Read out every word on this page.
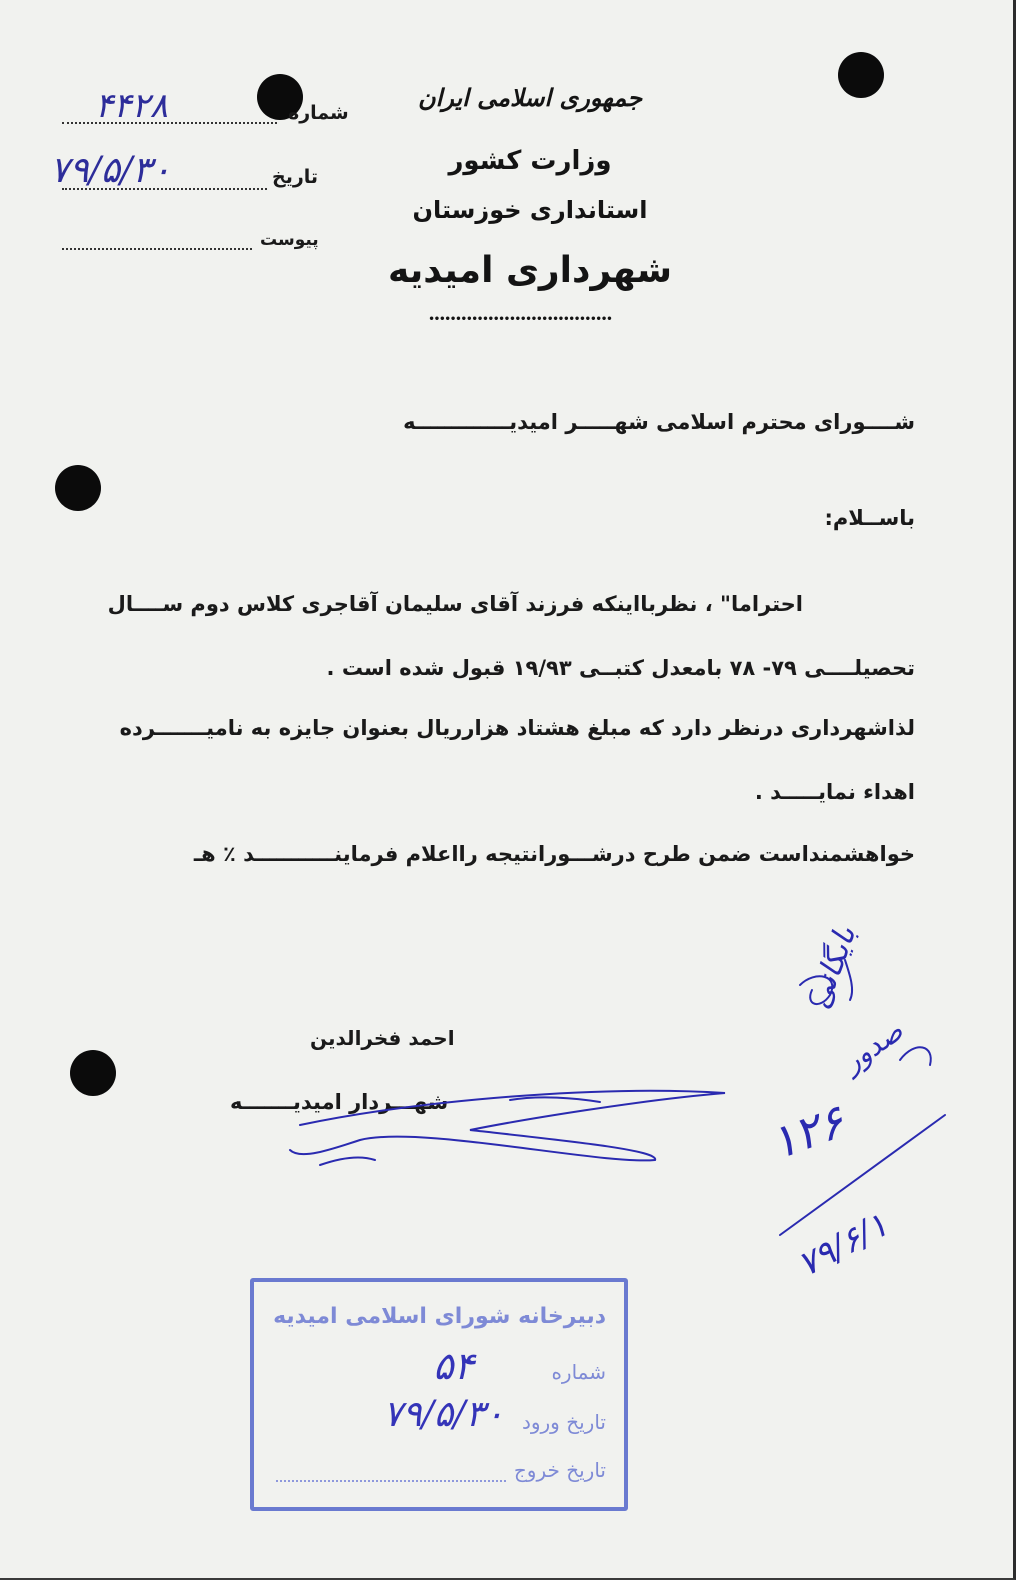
جمهوری اسلامی ایران
وزارت کشور
استانداری خوزستان
شهرداری امیدیه
••••••••••••••••••••••••••••••••••
شماره
۴۴۲۸
تاریخ
۷۹/۵/۳۰
پیوست
شــــورای محترم اسلامی شهـــــر امیدیـــــــــــــه
باســلام:
احتراما" ، نظربااینکه فرزند آقای سلیمان آقاجری کلاس دوم ســــال
تحصیلــــی ۷۹- ۷۸ بامعدل کتبــی ۱۹/۹۳ قبول شده است .
لذاشهرداری درنظر دارد که مبلغ هشتاد هزارریال بعنوان جایزه به نامیـــــــرده
اهداء نمایـــــد .
خواهشمنداست ضمن طرح درشـــورانتیجه رااعلام فرماینـــــــــــد ٪ هـ
احمد فخرالدین
شهـــردار امیدیـــــــه
بایگانی
صدور
۱۲۶
۷۹/۶/۱
دبیرخانه شورای اسلامی امیدیه
شماره
۵۴
تاریخ ورود
۷۹/۵/۳۰
تاریخ خروج
